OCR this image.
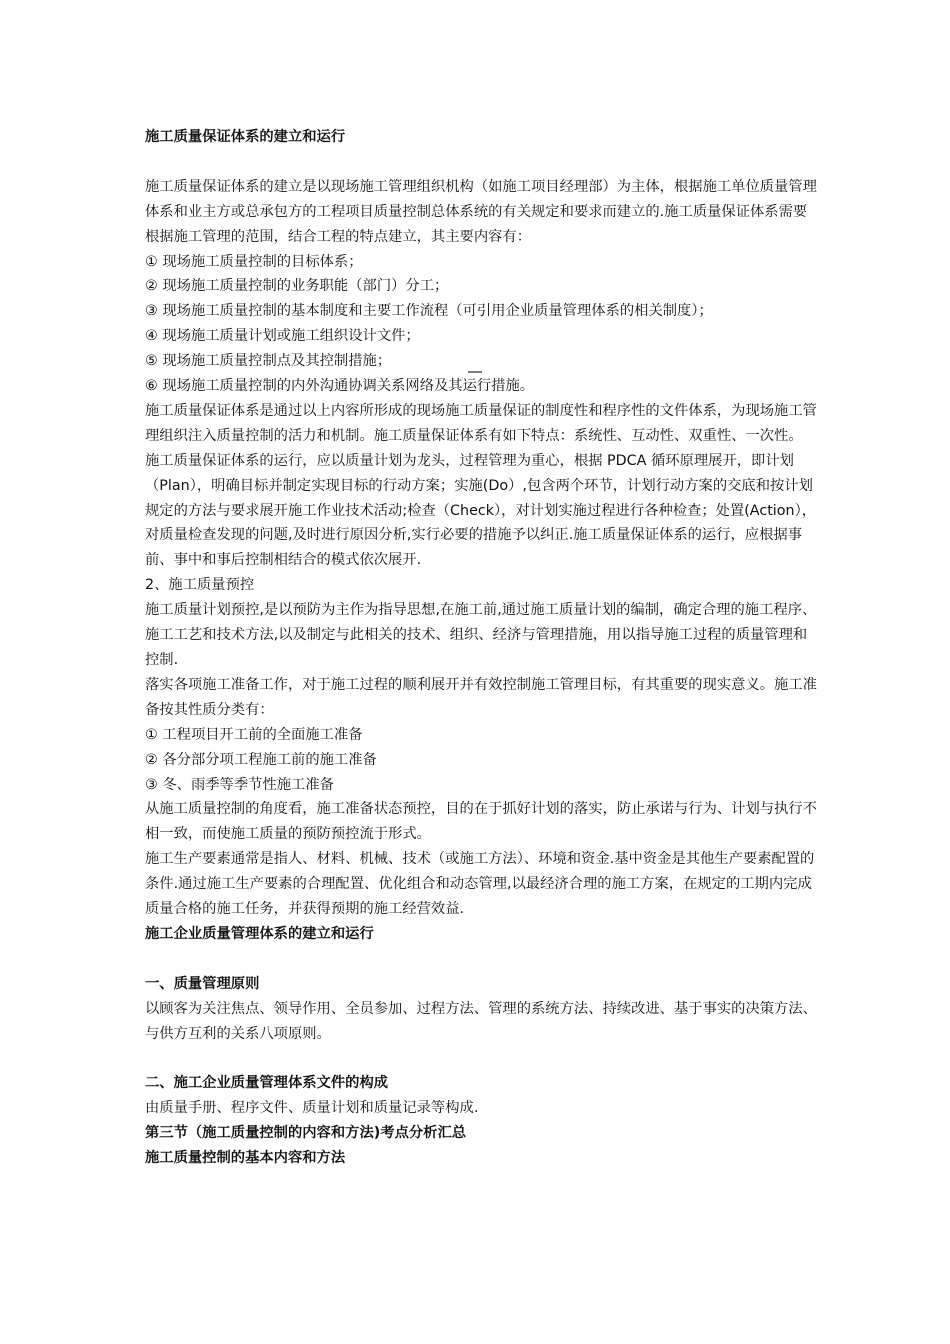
施工质量保证体系的建立和运行

施工质量保证体系的建立是以现场施工管理组织机构（如施工项目经理部）为主体，根据施工单位质量管理体系和业主方或总承包方的工程项目质量控制总体系统的有关规定和要求而建立的.施工质量保证体系需要根据施工管理的范围，结合工程的特点建立，其主要内容有：

① 现场施工质量控制的目标体系；

② 现场施工质量控制的业务职能（部门）分工；

③ 现场施工质量控制的基本制度和主要工作流程（可引用企业质量管理体系的相关制度）；

④ 现场施工质量计划或施工组织设计文件；

⑤ 现场施工质量控制点及其控制措施；

⑥ 现场施工质量控制的内外沟通协调关系网络及其运行措施。

施工质量保证体系是通过以上内容所形成的现场施工质量保证的制度性和程序性的文件体系，为现场施工管理组织注入质量控制的活力和机制。施工质量保证体系有如下特点：系统性、互动性、双重性、一次性。

施工质量保证体系的运行，应以质量计划为龙头，过程管理为重心，根据 PDCA 循环原理展开，即计划（Plan），明确目标并制定实现目标的行动方案；实施(Do）,包含两个环节，计划行动方案的交底和按计划规定的方法与要求展开施工作业技术活动;检查（Check），对计划实施过程进行各种检查；处置(Action），对质量检查发现的问题,及时进行原因分析,实行必要的措施予以纠正.施工质量保证体系的运行，应根据事前、事中和事后控制相结合的模式依次展开.

2、施工质量预控

施工质量计划预控,是以预防为主作为指导思想,在施工前,通过施工质量计划的编制，确定合理的施工程序、施工工艺和技术方法,以及制定与此相关的技术、组织、经济与管理措施，用以指导施工过程的质量管理和控制.

落实各项施工准备工作，对于施工过程的顺利展开并有效控制施工管理目标，有其重要的现实意义。施工准备按其性质分类有：

① 工程项目开工前的全面施工准备

② 各分部分项工程施工前的施工准备

③ 冬、雨季等季节性施工准备

从施工质量控制的角度看，施工准备状态预控，目的在于抓好计划的落实，防止承诺与行为、计划与执行不相一致，而使施工质量的预防预控流于形式。

施工生产要素通常是指人、材料、机械、技术（或施工方法）、环境和资金.基中资金是其他生产要素配置的条件.通过施工生产要素的合理配置、优化组合和动态管理,以最经济合理的施工方案，在规定的工期内完成质量合格的施工任务，并获得预期的施工经营效益.

施工企业质量管理体系的建立和运行

一、质量管理原则

以顾客为关注焦点、领导作用、全员参加、过程方法、管理的系统方法、持续改进、基于事实的决策方法、与供方互利的关系八项原则。

二、施工企业质量管理体系文件的构成

由质量手册、程序文件、质量计划和质量记录等构成.

第三节（施工质量控制的内容和方法)考点分析汇总

施工质量控制的基本内容和方法
